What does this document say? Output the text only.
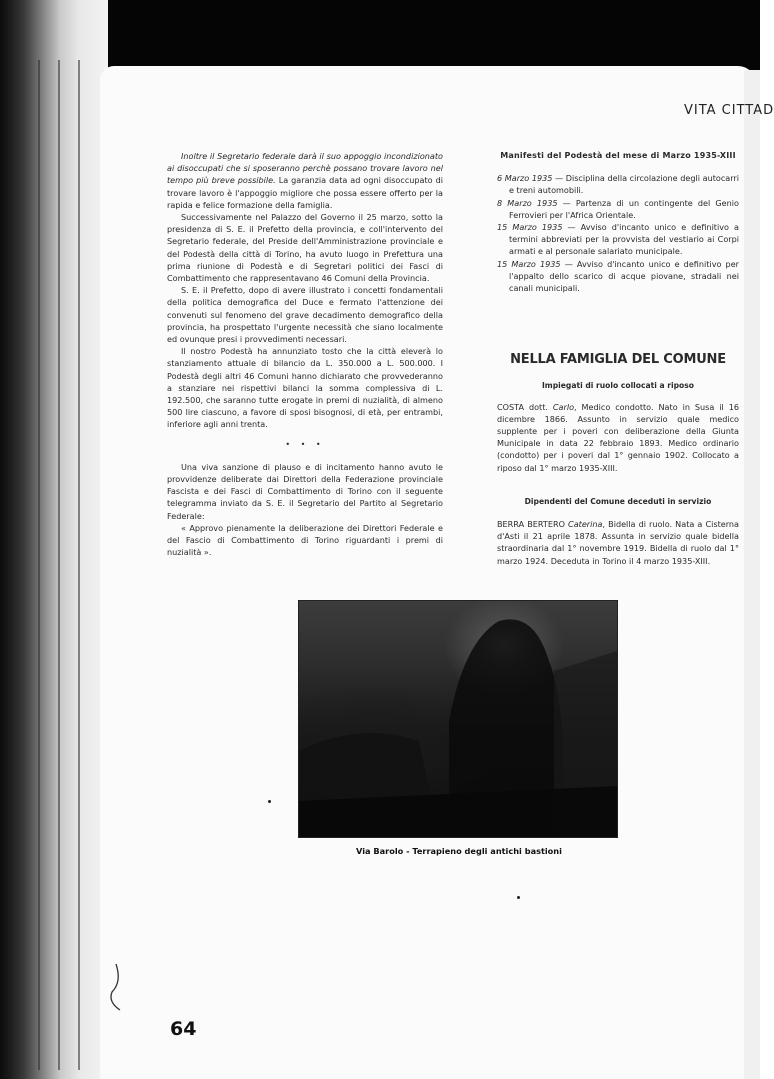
VITA CITTAD

Inoltre il Segretario federale darà il suo appoggio incondizionato ai disoccupati che si sposeranno perchè possano trovare lavoro nel tempo più breve possibile. La garanzia data ad ogni disoccupato di trovare lavoro è l'appoggio migliore che possa essere offerto per la rapida e felice formazione della famiglia.

Successivamente nel Palazzo del Governo il 25 marzo, sotto la presidenza di S. E. il Prefetto della provincia, e coll'intervento del Segretario federale, del Preside dell'Amministrazione provinciale e del Podestà della città di Torino, ha avuto luogo in Prefettura una prima riunione di Podestà e di Segretari politici dei Fasci di Combattimento che rappresentavano 46 Comuni della Provincia.

S. E. il Prefetto, dopo di avere illustrato i concetti fondamentali della politica demografica del Duce e fermato l'attenzione dei convenuti sul fenomeno del grave decadimento demografico della provincia, ha prospettato l'urgente necessità che siano localmente ed ovunque presi i provvedimenti necessari.

Il nostro Podestà ha annunziato tosto che la città eleverà lo stanziamento attuale di bilancio da L. 350.000 a L. 500.000. I Podestà degli altri 46 Comuni hanno dichiarato che provvederanno a stanziare nei rispettivi bilanci la somma complessiva di L. 192.500, che saranno tutte erogate in premi di nuzialità, di almeno 500 lire ciascuno, a favore di sposi bisognosi, di età, per entrambi, inferiore agli anni trenta.

• • •

Una viva sanzione di plauso e di incitamento hanno avuto le provvidenze deliberate dai Direttori della Federazione provinciale Fascista e dei Fasci di Combattimento di Torino con il seguente telegramma inviato da S. E. il Segretario del Partito al Segretario Federale:

« Approvo pienamente la deliberazione dei Direttori Federale e del Fascio di Combattimento di Torino riguardanti i premi di nuzialità ».

Manifesti del Podestà del mese di Marzo 1935-XIII

6 Marzo 1935 — Disciplina della circolazione degli autocarri e treni automobili.

8 Marzo 1935 — Partenza di un contingente del Genio Ferrovieri per l'Africa Orientale.

15 Marzo 1935 — Avviso d'incanto unico e definitivo a termini abbreviati per la provvista del vestiario ai Corpi armati e al personale salariato municipale.

15 Marzo 1935 — Avviso d'incanto unico e definitivo per l'appalto dello scarico di acque piovane, stradali nei canali municipali.

NELLA FAMIGLIA DEL COMUNE
Impiegati di ruolo collocati a riposo

COSTA dott. Carlo, Medico condotto. Nato in Susa il 16 dicembre 1866. Assunto in servizio quale medico supplente per i poveri con deliberazione della Giunta Municipale in data 22 febbraio 1893. Medico ordinario (condotto) per i poveri dal 1° gennaio 1902. Collocato a riposo dal 1° marzo 1935-XIII.

Dipendenti del Comune deceduti in servizio

BERRA BERTERO Caterina, Bidella di ruolo. Nata a Cisterna d'Asti il 21 aprile 1878. Assunta in servizio quale bidella straordinaria dal 1° novembre 1919. Bidella di ruolo dal 1° marzo 1924. Deceduta in Torino il 4 marzo 1935-XIII.

Via Barolo - Terrapieno degli antichi bastioni
64
